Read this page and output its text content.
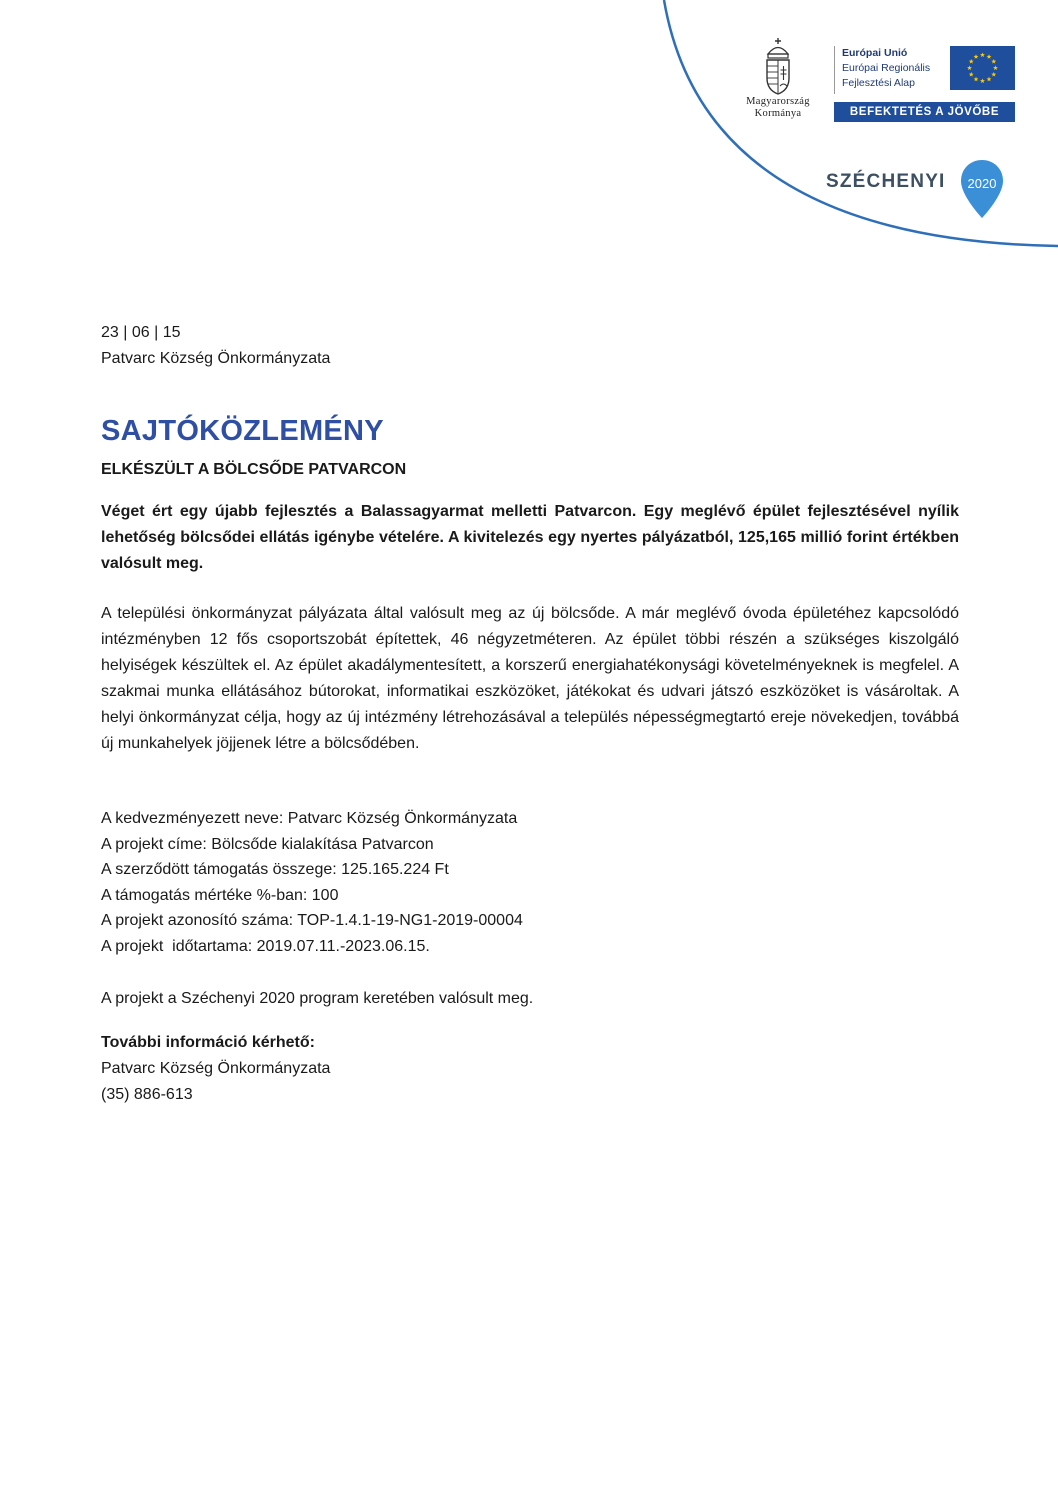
Magyarország
Kormánya
Európai Unió
Európai Regionális
Fejlesztési Alap
BEFEKTETÉS A JÖVŐBE
SZÉCHENYI 2020
23 | 06 | 15
Patvarc Község Önkormányzata
SAJTÓKÖZLEMÉNY
ELKÉSZÜLT A BÖLCSŐDE PATVARCON
Véget ért egy újabb fejlesztés a Balassagyarmat melletti Patvarcon. Egy meglévő épület fejlesztésével nyílik lehetőség bölcsődei ellátás igénybe vételére. A kivitelezés egy nyertes pályázatból, 125,165 millió forint értékben valósult meg.
A települési önkormányzat pályázata által valósult meg az új bölcsőde. A már meglévő óvoda épületéhez kapcsolódó intézményben 12 fős csoportszobát építettek, 46 négyzetméteren. Az épület többi részén a szükséges kiszolgáló helyiségek készültek el. Az épület akadálymentesített, a korszerű energiahatékonysági követelményeknek is megfelel. A szakmai munka ellátásához bútorokat, informatikai eszközöket, játékokat és udvari játszó eszközöket is vásároltak. A helyi önkormányzat célja, hogy az új intézmény létrehozásával a település népességmegtartó ereje növekedjen, továbbá új munkahelyek jöjjenek létre a bölcsődében.
A kedvezményezett neve: Patvarc Község Önkormányzata
A projekt címe: Bölcsőde kialakítása Patvarcon
A szerződött támogatás összege: 125.165.224 Ft
A támogatás mértéke %-ban: 100
A projekt azonosító száma: TOP-1.4.1-19-NG1-2019-00004
A projekt  időtartama: 2019.07.11.-2023.06.15.
A projekt a Széchenyi 2020 program keretében valósult meg.
További információ kérhető:
Patvarc Község Önkormányzata
(35) 886-613
